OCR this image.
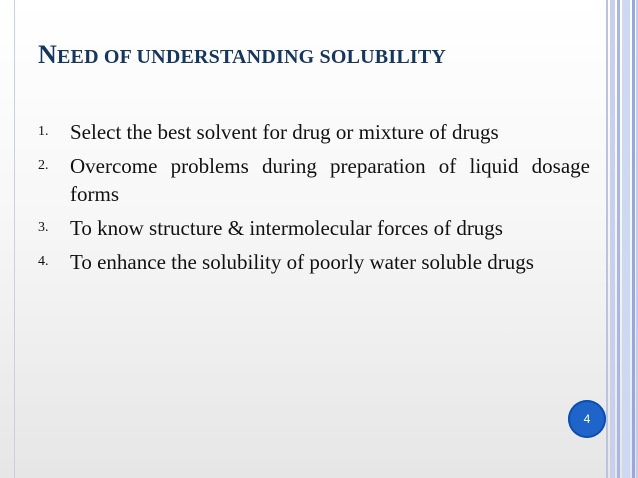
NEED OF UNDERSTANDING SOLUBILITY
1.	Select the best solvent for drug or mixture of drugs
2.	Overcome problems during preparation of liquid dosage forms
3.	To know structure & intermolecular forces of drugs
4.	To enhance the solubility of poorly water soluble drugs
4
